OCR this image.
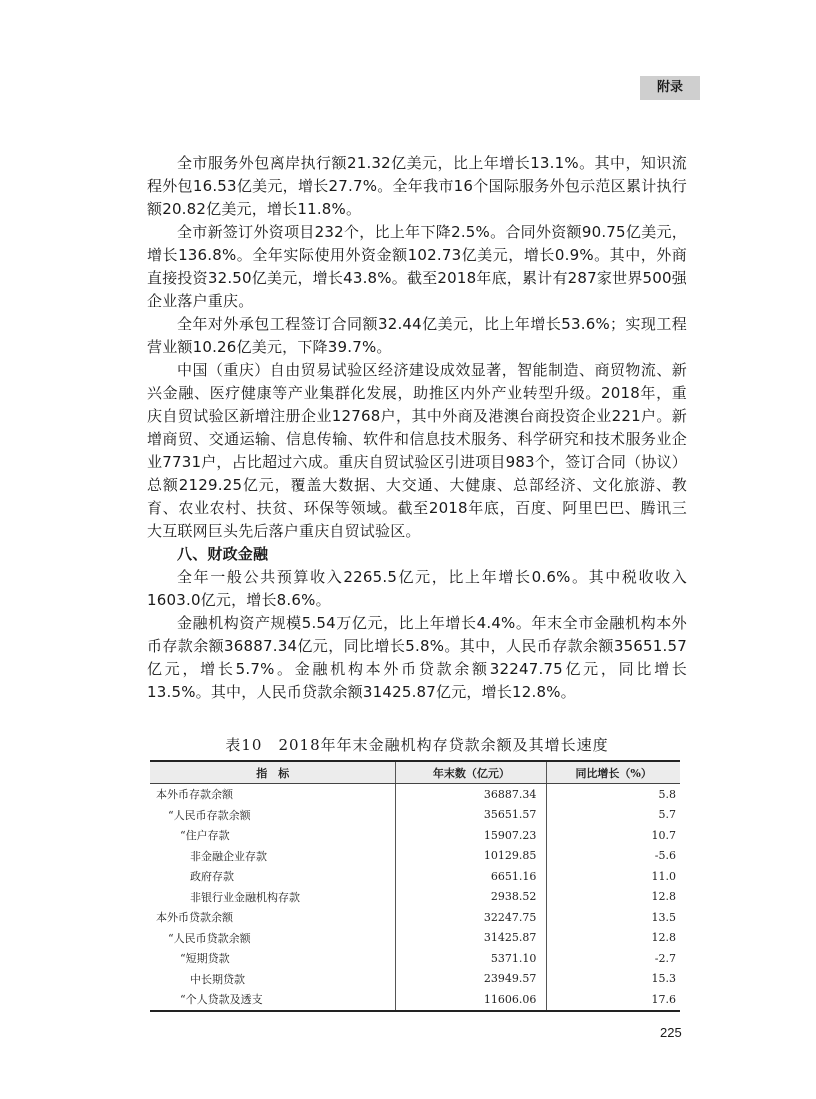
附录

全市服务外包离岸执行额21.32亿美元，比上年增长13.1%。其中，知识流程外包16.53亿美元，增长27.7%。全年我市16个国际服务外包示范区累计执行额20.82亿美元，增长11.8%。

全市新签订外资项目232个，比上年下降2.5%。合同外资额90.75亿美元，增长136.8%。全年实际使用外资金额102.73亿美元，增长0.9%。其中，外商直接投资32.50亿美元，增长43.8%。截至2018年底，累计有287家世界500强企业落户重庆。

全年对外承包工程签订合同额32.44亿美元，比上年增长53.6%；实现工程营业额10.26亿美元，下降39.7%。

中国（重庆）自由贸易试验区经济建设成效显著，智能制造、商贸物流、新兴金融、医疗健康等产业集群化发展，助推区内外产业转型升级。2018年，重庆自贸试验区新增注册企业12768户，其中外商及港澳台商投资企业221户。新增商贸、交通运输、信息传输、软件和信息技术服务、科学研究和技术服务业企业7731户，占比超过六成。重庆自贸试验区引进项目983个，签订合同（协议）总额2129.25亿元，覆盖大数据、大交通、大健康、总部经济、文化旅游、教育、农业农村、扶贫、环保等领域。截至2018年底，百度、阿里巴巴、腾讯三大互联网巨头先后落户重庆自贸试验区。

八、财政金融

全年一般公共预算收入2265.5亿元，比上年增长0.6%。其中税收收入1603.0亿元，增长8.6%。

金融机构资产规模5.54万亿元，比上年增长4.4%。年末全市金融机构本外币存款余额36887.34亿元，同比增长5.8%。其中，人民币存款余额35651.57亿元，增长5.7%。金融机构本外币贷款余额32247.75亿元，同比增长13.5%。其中，人民币贷款余额31425.87亿元，增长12.8%。

表10　2018年年末金融机构存贷款余额及其增长速度
指　标	年末数（亿元）	同比增长（%）
本外币存款余额	36887.34	5.8
“人民币存款余额	35651.57	5.7
“住户存款	15907.23	10.7
非金融企业存款	10129.85	-5.6
政府存款	6651.16	11.0
非银行业金融机构存款	2938.52	12.8
本外币贷款余额	32247.75	13.5
“人民币贷款余额	31425.87	12.8
“短期贷款	5371.10	-2.7
中长期贷款	23949.57	15.3
“个人贷款及透支	11606.06	17.6
225
